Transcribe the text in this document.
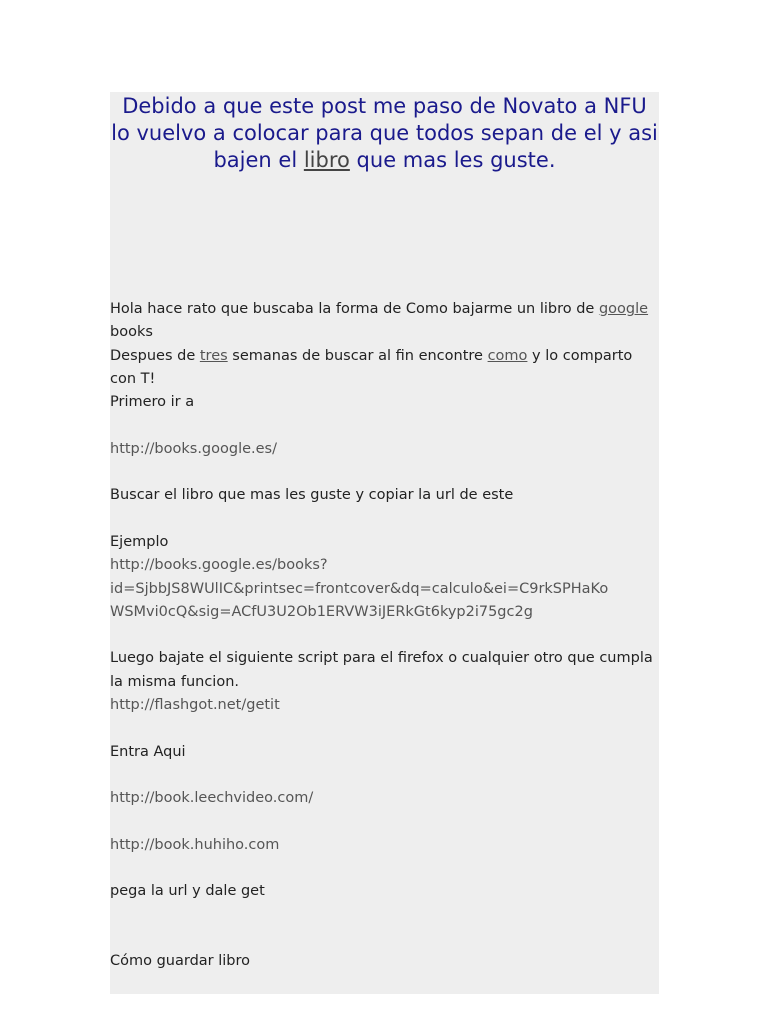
Debido a que este post me paso de Novato a NFU lo vuelvo a colocar para que todos sepan de el y asi bajen el libro que mas les guste.

Hola hace rato que buscaba la forma de Como bajarme un libro de google books

Despues de tres semanas de buscar al fin encontre como y lo comparto con T!

Primero ir a

http://books.google.es/

Buscar el libro que mas les guste y copiar la url de este

Ejemplo

http://books.google.es/books?

id=SjbbJS8WUlIC&printsec=frontcover&dq=calculo&ei=C9rkSPHaKo

WSMvi0cQ&sig=ACfU3U2Ob1ERVW3iJERkGt6kyp2i75gc2g

Luego bajate el siguiente script para el firefox o cualquier otro que cumpla la misma funcion.

http://flashgot.net/getit

Entra Aqui

http://book.leechvideo.com/

http://book.huhiho.com

pega la url y dale get

Cómo guardar libro
